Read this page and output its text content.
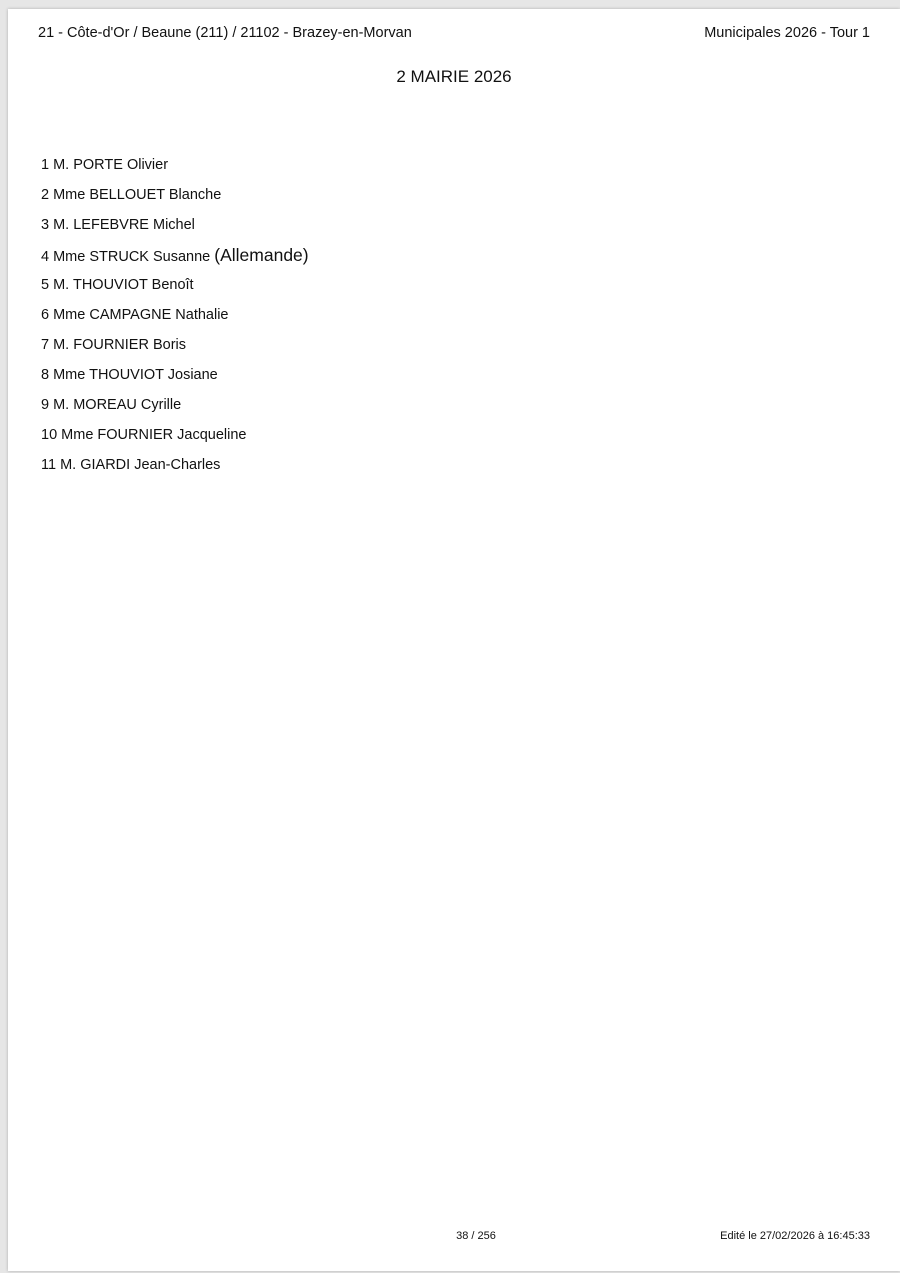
21 - Côte-d'Or / Beaune (211) / 21102 - Brazey-en-Morvan	Municipales 2026 - Tour 1
2 MAIRIE 2026
1 M. PORTE Olivier
2 Mme BELLOUET Blanche
3 M. LEFEBVRE Michel
4 Mme STRUCK Susanne (Allemande)
5 M. THOUVIOT Benoît
6 Mme CAMPAGNE Nathalie
7 M. FOURNIER Boris
8 Mme THOUVIOT Josiane
9 M. MOREAU Cyrille
10 Mme FOURNIER Jacqueline
11 M. GIARDI Jean-Charles
38 / 256	Edité le 27/02/2026 à 16:45:33
